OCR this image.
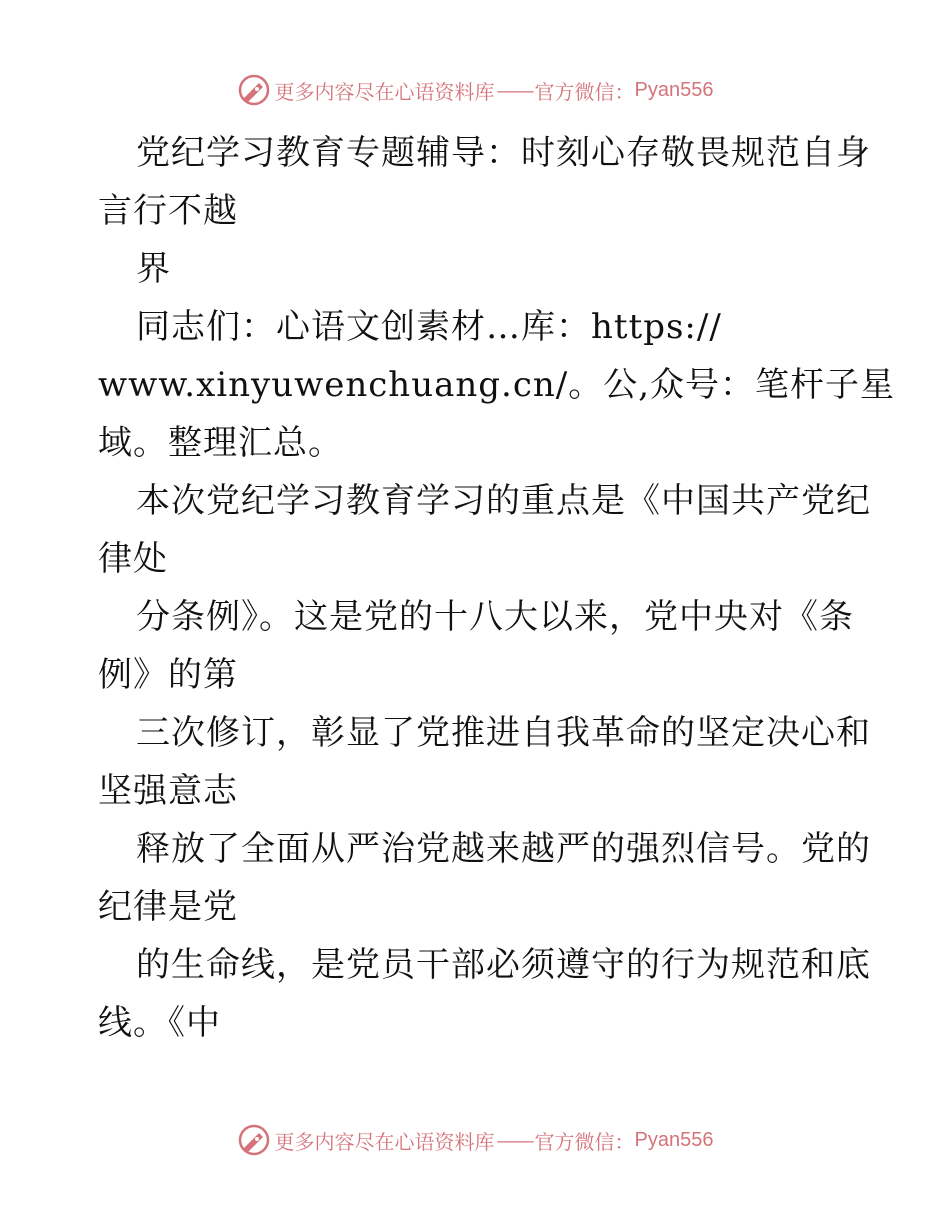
更多内容尽在心语资料库 —— 官方微信： Pyan556
党纪学习教育专题辅导：时刻心存敬畏规范自身
言行不越
界
同志们：心语文创素材…库：https://
www.xinyuwenchuang.cn/。公,众号：笔杆子星
域。整理汇总。
本次党纪学习教育学习的重点是《中国共产党纪
律处
分条例》。这是党的十八大以来，党中央对《条
例》的第
三次修订，彰显了党推进自我革命的坚定决心和
坚强意志
释放了全面从严治党越来越严的强烈信号。党的
纪律是党
的生命线，是党员干部必须遵守的行为规范和底
线。《中
更多内容尽在心语资料库 —— 官方微信： Pyan556
